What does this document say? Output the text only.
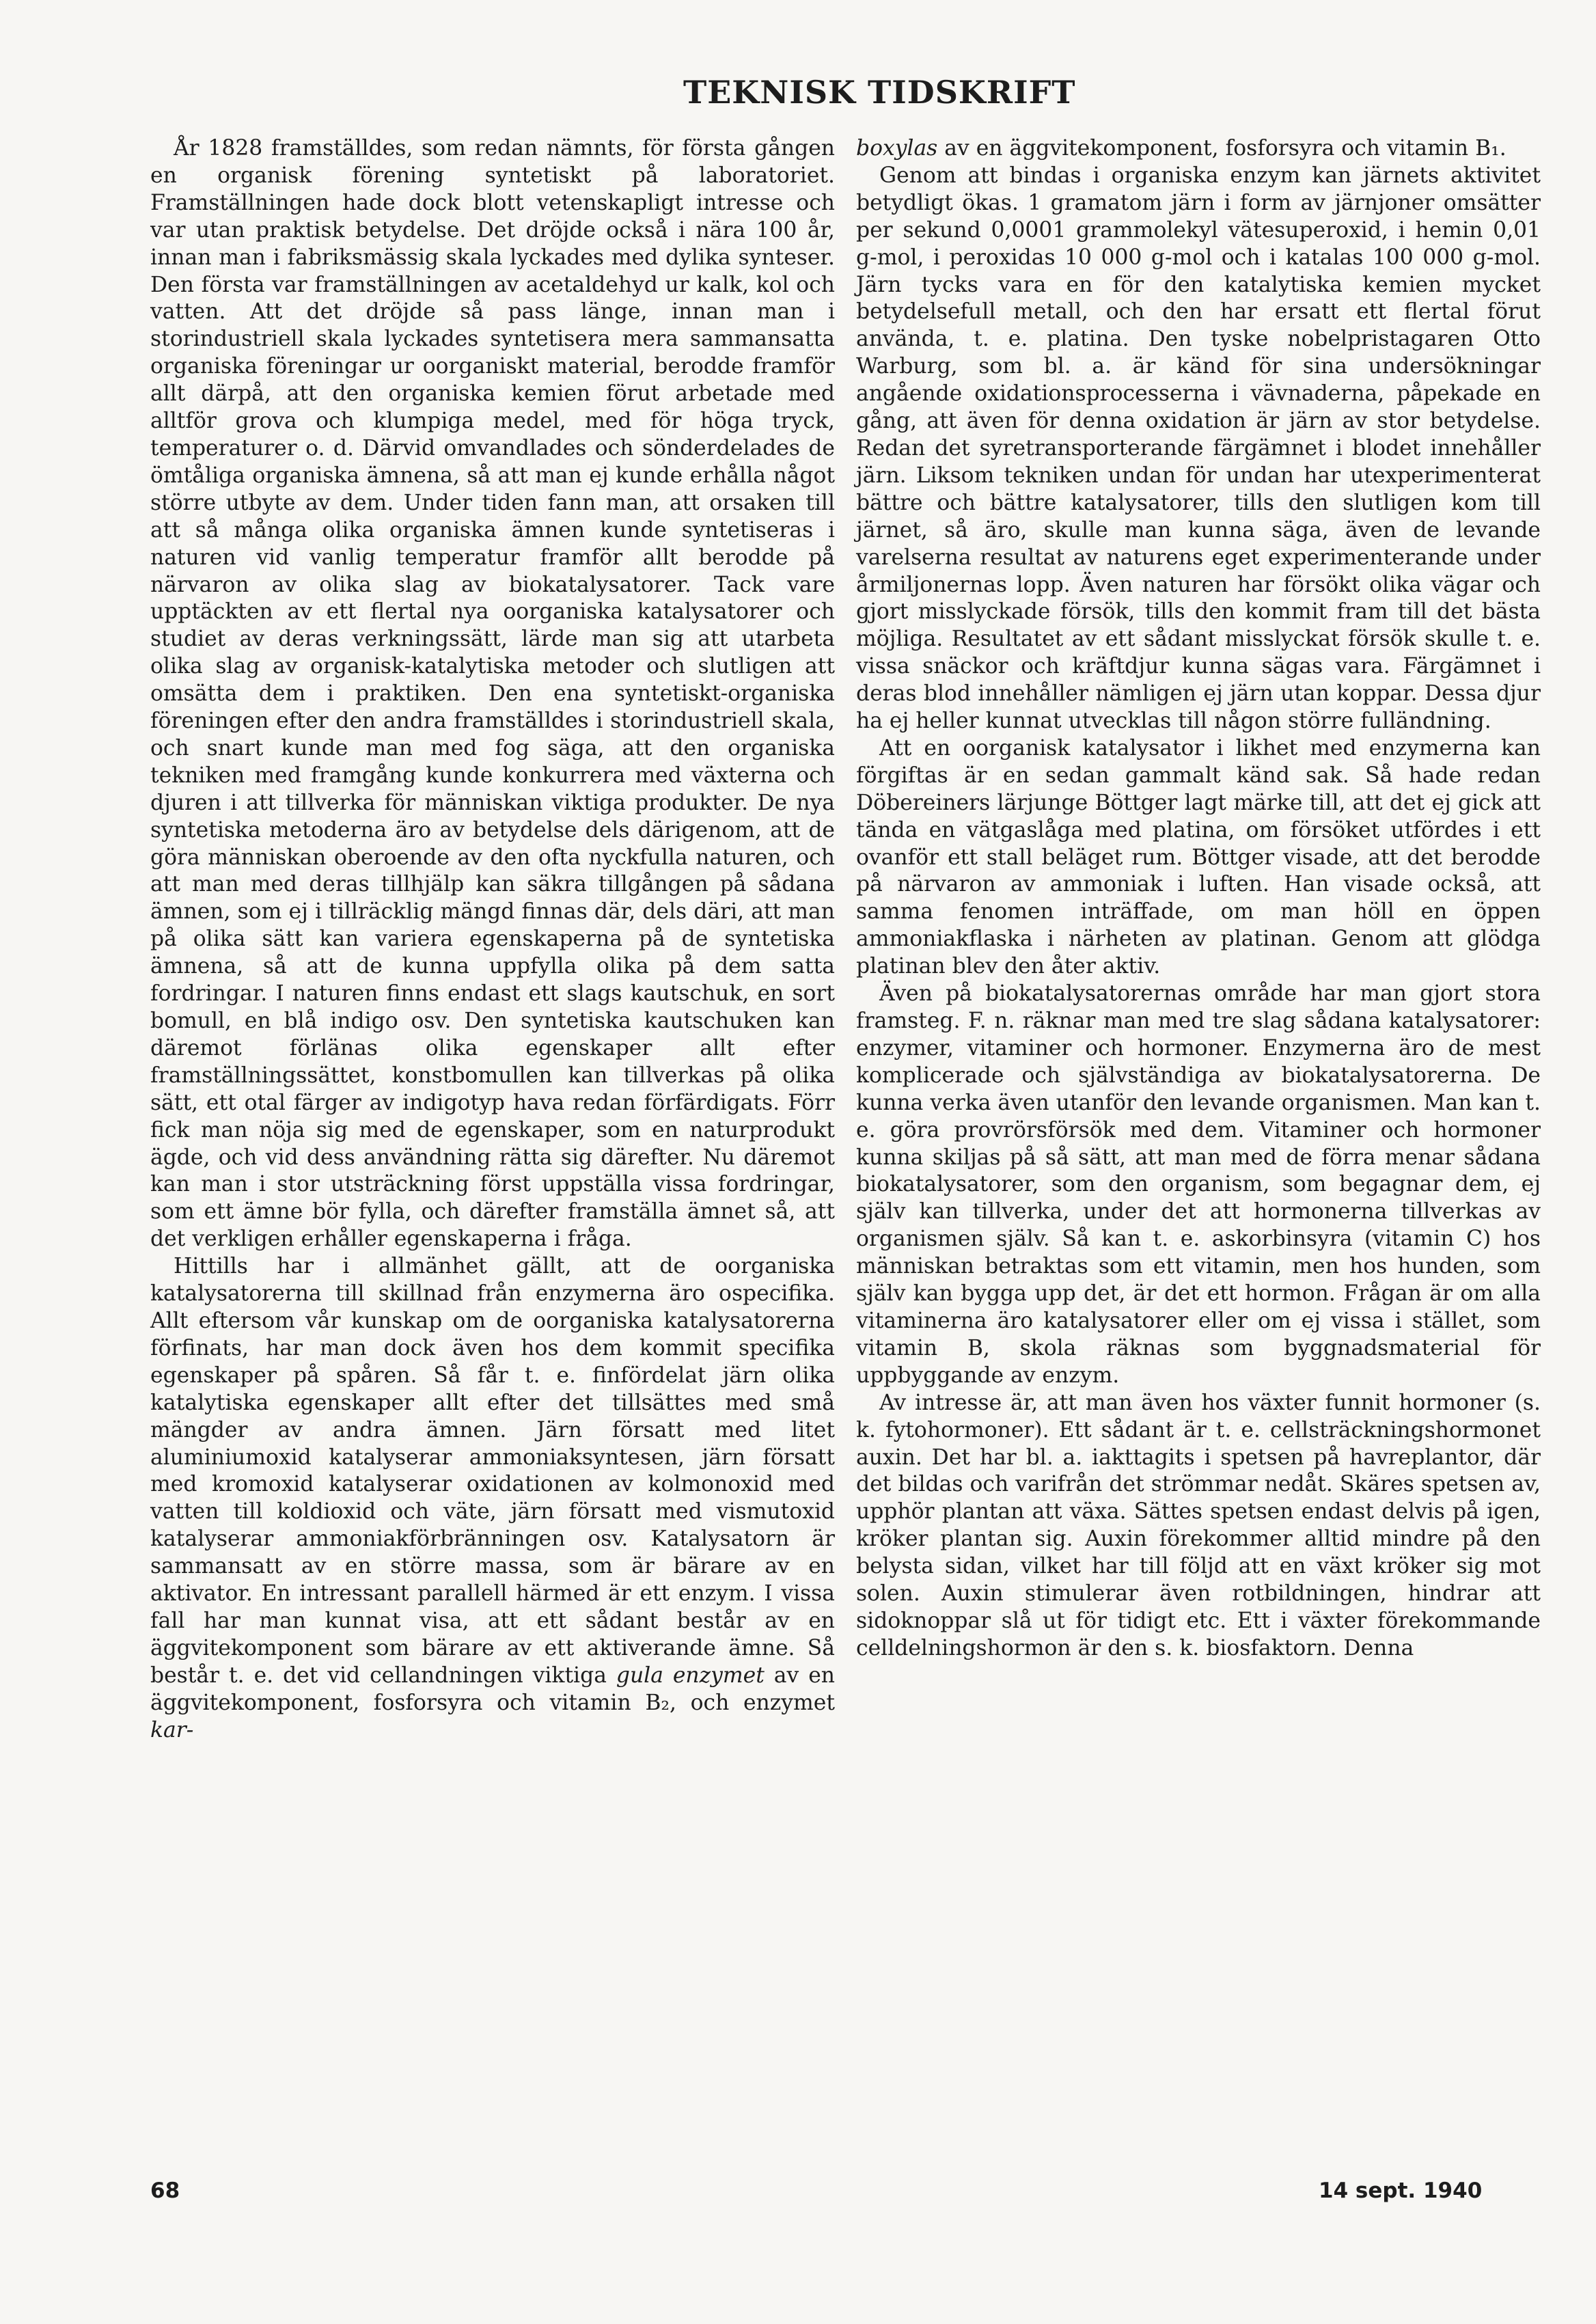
TEKNISK TIDSKRIFT

År 1828 framställdes, som redan nämnts, för första gången en organisk förening syntetiskt på laboratoriet. Framställningen hade dock blott vetenskapligt intresse och var utan praktisk betydelse. Det dröjde också i nära 100 år, innan man i fabriksmässig skala lyckades med dylika synteser. Den första var framställningen av acetaldehyd ur kalk, kol och vatten. Att det dröjde så pass länge, innan man i storindustriell skala lyckades syntetisera mera sammansatta organiska föreningar ur oorganiskt material, berodde framför allt därpå, att den organiska kemien förut arbetade med alltför grova och klumpiga medel, med för höga tryck, temperaturer o. d. Därvid omvandlades och sönderdelades de ömtåliga organiska ämnena, så att man ej kunde erhålla något större utbyte av dem. Under tiden fann man, att orsaken till att så många olika organiska ämnen kunde syntetiseras i naturen vid vanlig temperatur framför allt berodde på närvaron av olika slag av biokatalysatorer. Tack vare upptäckten av ett flertal nya oorganiska katalysatorer och studiet av deras verkningssätt, lärde man sig att utarbeta olika slag av organisk-katalytiska metoder och slutligen att omsätta dem i praktiken. Den ena syntetiskt-organiska föreningen efter den andra framställdes i storindustriell skala, och snart kunde man med fog säga, att den organiska tekniken med framgång kunde konkurrera med växterna och djuren i att tillverka för människan viktiga produkter. De nya syntetiska metoderna äro av betydelse dels därigenom, att de göra människan oberoende av den ofta nyckfulla naturen, och att man med deras tillhjälp kan säkra tillgången på sådana ämnen, som ej i tillräcklig mängd finnas där, dels däri, att man på olika sätt kan variera egenskaperna på de syntetiska ämnena, så att de kunna uppfylla olika på dem satta fordringar. I naturen finns endast ett slags kautschuk, en sort bomull, en blå indigo osv. Den syntetiska kautschuken kan däremot förlänas olika egenskaper allt efter framställningssättet, konstbomullen kan tillverkas på olika sätt, ett otal färger av indigotyp hava redan förfärdigats. Förr fick man nöja sig med de egenskaper, som en naturprodukt ägde, och vid dess användning rätta sig därefter. Nu däremot kan man i stor utsträckning först uppställa vissa fordringar, som ett ämne bör fylla, och därefter framställa ämnet så, att det verkligen erhåller egenskaperna i fråga.

Hittills har i allmänhet gällt, att de oorganiska katalysatorerna till skillnad från enzymerna äro ospecifika. Allt eftersom vår kunskap om de oorganiska katalysatorerna förfinats, har man dock även hos dem kommit specifika egenskaper på spåren. Så får t. e. finfördelat järn olika katalytiska egenskaper allt efter det tillsättes med små mängder av andra ämnen. Järn försatt med litet aluminiumoxid katalyserar ammoniaksyntesen, järn försatt med kromoxid katalyserar oxidationen av kolmonoxid med vatten till koldioxid och väte, järn försatt med vismutoxid katalyserar ammoniakförbränningen osv. Katalysatorn är sammansatt av en större massa, som är bärare av en aktivator. En intressant parallell härmed är ett enzym. I vissa fall har man kunnat visa, att ett sådant består av en äggvitekomponent som bärare av ett aktiverande ämne. Så består t. e. det vid cellandningen viktiga gula enzymet av en äggvitekomponent, fosforsyra och vitamin B₂, och enzymet kar-

boxylas av en äggvitekomponent, fosforsyra och vitamin B₁.

Genom att bindas i organiska enzym kan järnets aktivitet betydligt ökas. 1 gramatom järn i form av järnjoner omsätter per sekund 0,0001 grammolekyl vätesuperoxid, i hemin 0,01 g-mol, i peroxidas 10 000 g-mol och i katalas 100 000 g-mol. Järn tycks vara en för den katalytiska kemien mycket betydelsefull metall, och den har ersatt ett flertal förut använda, t. e. platina. Den tyske nobelpristagaren Otto Warburg, som bl. a. är känd för sina undersökningar angående oxidationsprocesserna i vävnaderna, påpekade en gång, att även för denna oxidation är järn av stor betydelse. Redan det syretransporterande färgämnet i blodet innehåller järn. Liksom tekniken undan för undan har utexperimenterat bättre och bättre katalysatorer, tills den slutligen kom till järnet, så äro, skulle man kunna säga, även de levande varelserna resultat av naturens eget experimenterande under årmiljonernas lopp. Även naturen har försökt olika vägar och gjort misslyckade försök, tills den kommit fram till det bästa möjliga. Resultatet av ett sådant misslyckat försök skulle t. e. vissa snäckor och kräftdjur kunna sägas vara. Färgämnet i deras blod innehåller nämligen ej järn utan koppar. Dessa djur ha ej heller kunnat utvecklas till någon större fulländning.

Att en oorganisk katalysator i likhet med enzymerna kan förgiftas är en sedan gammalt känd sak. Så hade redan Döbereiners lärjunge Böttger lagt märke till, att det ej gick att tända en vätgaslåga med platina, om försöket utfördes i ett ovanför ett stall beläget rum. Böttger visade, att det berodde på närvaron av ammoniak i luften. Han visade också, att samma fenomen inträffade, om man höll en öppen ammoniakflaska i närheten av platinan. Genom att glödga platinan blev den åter aktiv.

Även på biokatalysatorernas område har man gjort stora framsteg. F. n. räknar man med tre slag sådana katalysatorer: enzymer, vitaminer och hormoner. Enzymerna äro de mest komplicerade och självständiga av biokatalysatorerna. De kunna verka även utanför den levande organismen. Man kan t. e. göra provrörsförsök med dem. Vitaminer och hormoner kunna skiljas på så sätt, att man med de förra menar sådana biokatalysatorer, som den organism, som begagnar dem, ej själv kan tillverka, under det att hormonerna tillverkas av organismen själv. Så kan t. e. askorbinsyra (vitamin C) hos människan betraktas som ett vitamin, men hos hunden, som själv kan bygga upp det, är det ett hormon. Frågan är om alla vitaminerna äro katalysatorer eller om ej vissa i stället, som vitamin B, skola räknas som byggnadsmaterial för uppbyggande av enzym.

Av intresse är, att man även hos växter funnit hormoner (s. k. fytohormoner). Ett sådant är t. e. cellsträckningshormonet auxin. Det har bl. a. iakttagits i spetsen på havreplantor, där det bildas och varifrån det strömmar nedåt. Skäres spetsen av, upphör plantan att växa. Sättes spetsen endast delvis på igen, kröker plantan sig. Auxin förekommer alltid mindre på den belysta sidan, vilket har till följd att en växt kröker sig mot solen. Auxin stimulerar även rotbildningen, hindrar att sidoknoppar slå ut för tidigt etc. Ett i växter förekommande celldelningshormon är den s. k. biosfaktorn. Denna

68	14 sept. 1940
